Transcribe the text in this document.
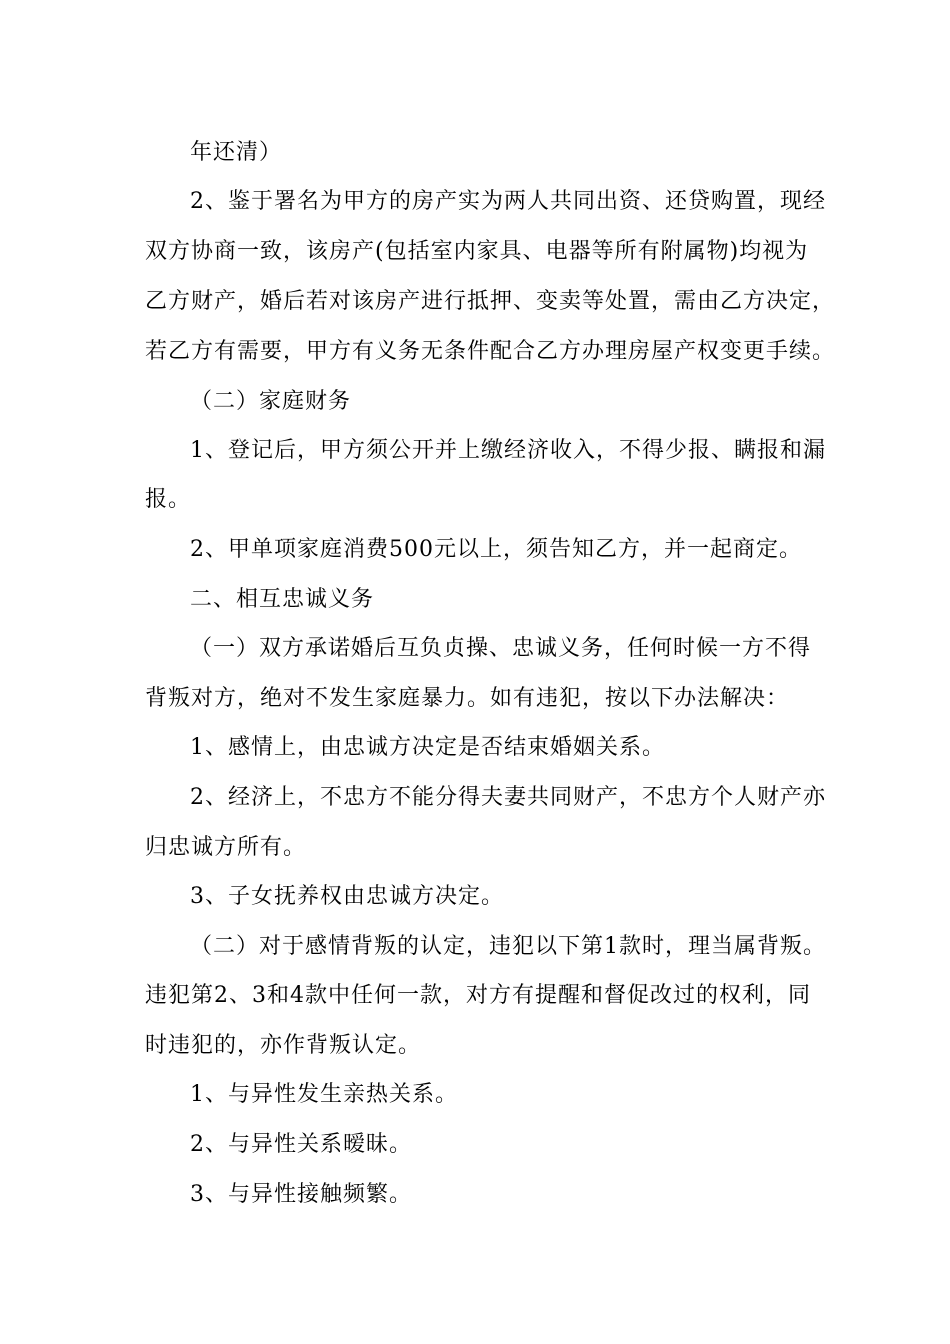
年还清）
2、鉴于署名为甲方的房产实为两人共同出资、还贷购置，现经
双方协商一致，该房产(包括室内家具、电器等所有附属物)均视为
乙方财产，婚后若对该房产进行抵押、变卖等处置，需由乙方决定，
若乙方有需要，甲方有义务无条件配合乙方办理房屋产权变更手续。
（二）家庭财务
1、登记后，甲方须公开并上缴经济收入，不得少报、瞒报和漏
报。
2、甲单项家庭消费500元以上，须告知乙方，并一起商定。
二、相互忠诚义务
（一）双方承诺婚后互负贞操、忠诚义务，任何时候一方不得
背叛对方，绝对不发生家庭暴力。如有违犯，按以下办法解决：
1、感情上，由忠诚方决定是否结束婚姻关系。
2、经济上，不忠方不能分得夫妻共同财产，不忠方个人财产亦
归忠诚方所有。
3、子女抚养权由忠诚方决定。
（二）对于感情背叛的认定，违犯以下第1款时，理当属背叛。
违犯第2、3和4款中任何一款，对方有提醒和督促改过的权利，同
时违犯的，亦作背叛认定。
1、与异性发生亲热关系。
2、与异性关系暧昧。
3、与异性接触频繁。
